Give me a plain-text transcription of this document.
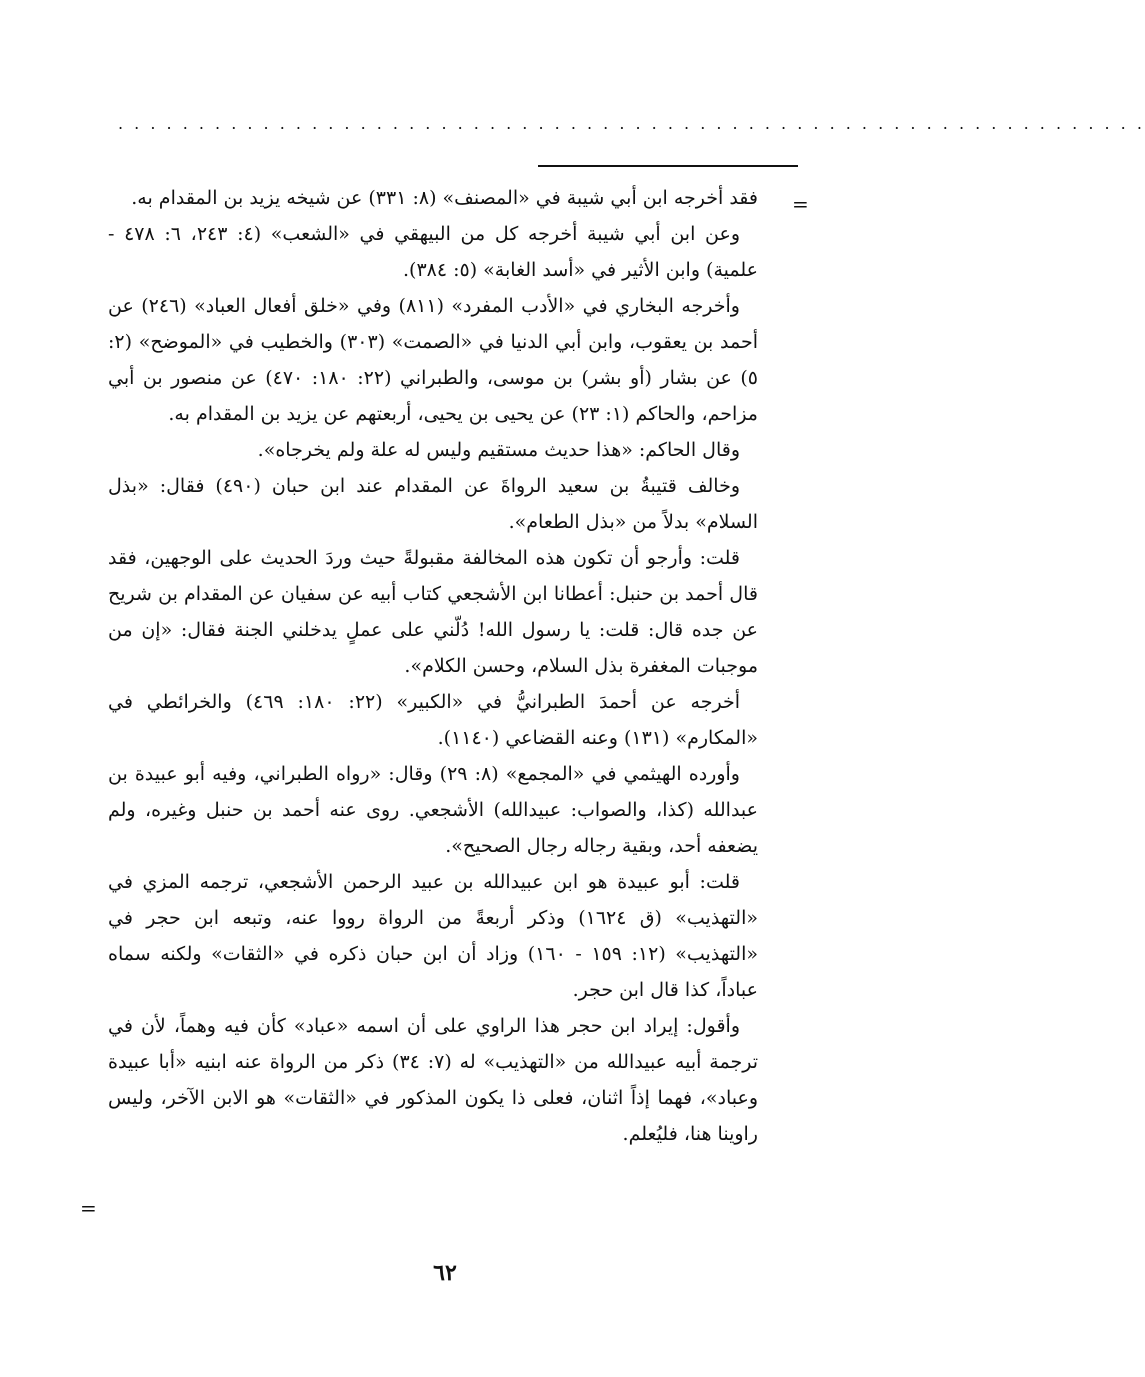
. . . . . . . . . . . . . . . . . . . . . . . . . . . . . . . . . . . . . . . . . . . . . . . . . . . . . . . . . . . . . . . .
=

فقد أخرجه ابن أبي شيبة في «المصنف» (٨: ٣٣١) عن شيخه يزيد بن المقدام به.

وعن ابن أبي شيبة أخرجه كل من البيهقي في «الشعب» (٤: ٢٤٣، ٦: ٤٧٨ - علمية) وابن الأثير في «أسد الغابة» (٥: ٣٨٤).

وأخرجه البخاري في «الأدب المفرد» (٨١١) وفي «خلق أفعال العباد» (٢٤٦) عن أحمد بن يعقوب، وابن أبي الدنيا في «الصمت» (٣٠٣) والخطيب في «الموضح» (٢: ٥) عن بشار (أو بشر) بن موسى، والطبراني (٢٢: ١٨٠: ٤٧٠) عن منصور بن أبي مزاحم، والحاكم (١: ٢٣) عن يحيى بن يحيى، أربعتهم عن يزيد بن المقدام به.

وقال الحاكم: «هذا حديث مستقيم وليس له علة ولم يخرجاه».

وخالف قتيبةُ بن سعيد الرواةَ عن المقدام عند ابن حبان (٤٩٠) فقال: «بذل السلام» بدلاً من «بذل الطعام».

قلت: وأرجو أن تكون هذه المخالفة مقبولةً حيث وردَ الحديث على الوجهين، فقد قال أحمد بن حنبل: أعطانا ابن الأشجعي كتاب أبيه عن سفيان عن المقدام بن شريح عن جده قال: قلت: يا رسول الله! دُلّني على عملٍ يدخلني الجنة فقال: «إن من موجبات المغفرة بذل السلام، وحسن الكلام».

أخرجه عن أحمدَ الطبرانيُّ في «الكبير» (٢٢: ١٨٠: ٤٦٩) والخرائطي في «المكارم» (١٣١) وعنه القضاعي (١١٤٠).

وأورده الهيثمي في «المجمع» (٨: ٢٩) وقال: «رواه الطبراني، وفيه أبو عبيدة بن عبدالله (كذا، والصواب: عبيدالله) الأشجعي. روى عنه أحمد بن حنبل وغيره، ولم يضعفه أحد، وبقية رجاله رجال الصحيح».

قلت: أبو عبيدة هو ابن عبيدالله بن عبيد الرحمن الأشجعي، ترجمه المزي في «التهذيب» (ق ١٦٢٤) وذكر أربعةً من الرواة رووا عنه، وتبعه ابن حجر في «التهذيب» (١٢: ١٥٩ - ١٦٠) وزاد أن ابن حبان ذكره في «الثقات» ولكنه سماه عباداً، كذا قال ابن حجر.

وأقول: إيراد ابن حجر هذا الراوي على أن اسمه «عباد» كأن فيه وهماً، لأن في ترجمة أبيه عبيدالله من «التهذيب» له (٧: ٣٤) ذكر من الرواة عنه ابنيه «أبا عبيدة وعباد»، فهما إذاً اثنان، فعلى ذا يكون المذكور في «الثقات» هو الابن الآخر، وليس راوينا هنا، فليُعلم.

=
٦٢
